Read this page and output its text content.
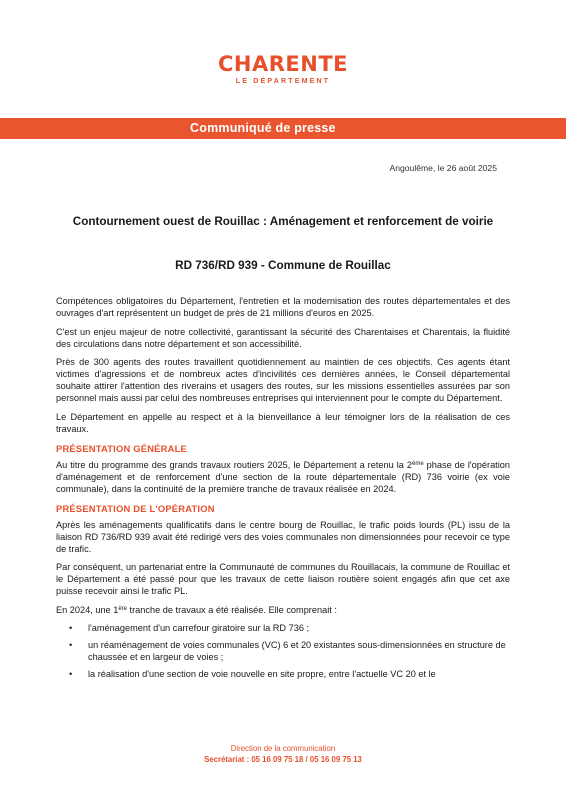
CHARENTE
LE DÉPARTEMENT
Communiqué de presse
Angoulême, le 26 août 2025
Contournement ouest de Rouillac : Aménagement et renforcement de voirie
RD 736/RD 939 - Commune de Rouillac

Compétences obligatoires du Département, l'entretien et la modernisation des routes départementales et des ouvrages d'art représentent un budget de près de 21 millions d'euros en 2025.

C'est un enjeu majeur de notre collectivité, garantissant la sécurité des Charentaises et Charentais, la fluidité des circulations dans notre département et son accessibilité.

Près de 300 agents des routes travaillent quotidiennement au maintien de ces objectifs. Ces agents étant victimes d'agressions et de nombreux actes d'incivilités ces dernières années, le Conseil départemental souhaite attirer l'attention des riverains et usagers des routes, sur les missions essentielles assurées par son personnel mais aussi par celui des nombreuses entreprises qui interviennent pour le compte du Département.

Le Département en appelle au respect et à la bienveillance à leur témoigner lors de la réalisation de ces travaux.

PRÉSENTATION GÉNÉRALE

Au titre du programme des grands travaux routiers 2025, le Département a retenu la 2ème phase de l'opération d'aménagement et de renforcement d'une section de la route départementale (RD) 736 voirie (ex voie communale), dans la continuité de la première tranche de travaux réalisée en 2024.

PRÉSENTATION DE L'OPÉRATION

Après les aménagements qualificatifs dans le centre bourg de Rouillac, le trafic poids lourds (PL) issu de la liaison RD 736/RD 939 avait été redirigé vers des voies communales non dimensionnées pour recevoir ce type de trafic.

Par conséquent, un partenariat entre la Communauté de communes du Rouillacais, la commune de Rouillac et le Département a été passé pour que les travaux de cette liaison routière soient engagés afin que cet axe puisse recevoir ainsi le trafic PL.

En 2024, une 1ère tranche de travaux a été réalisée. Elle comprenait :

• l'aménagement d'un carrefour giratoire sur la RD 736 ;
• un réaménagement de voies communales (VC) 6 et 20 existantes sous-dimensionnées en structure de chaussée et en largeur de voies ;
• la réalisation d'une section de voie nouvelle en site propre, entre l'actuelle VC 20 et le
Direction de la communication
Secrétariat : 05 16 09 75 18 / 05 16 09 75 13
